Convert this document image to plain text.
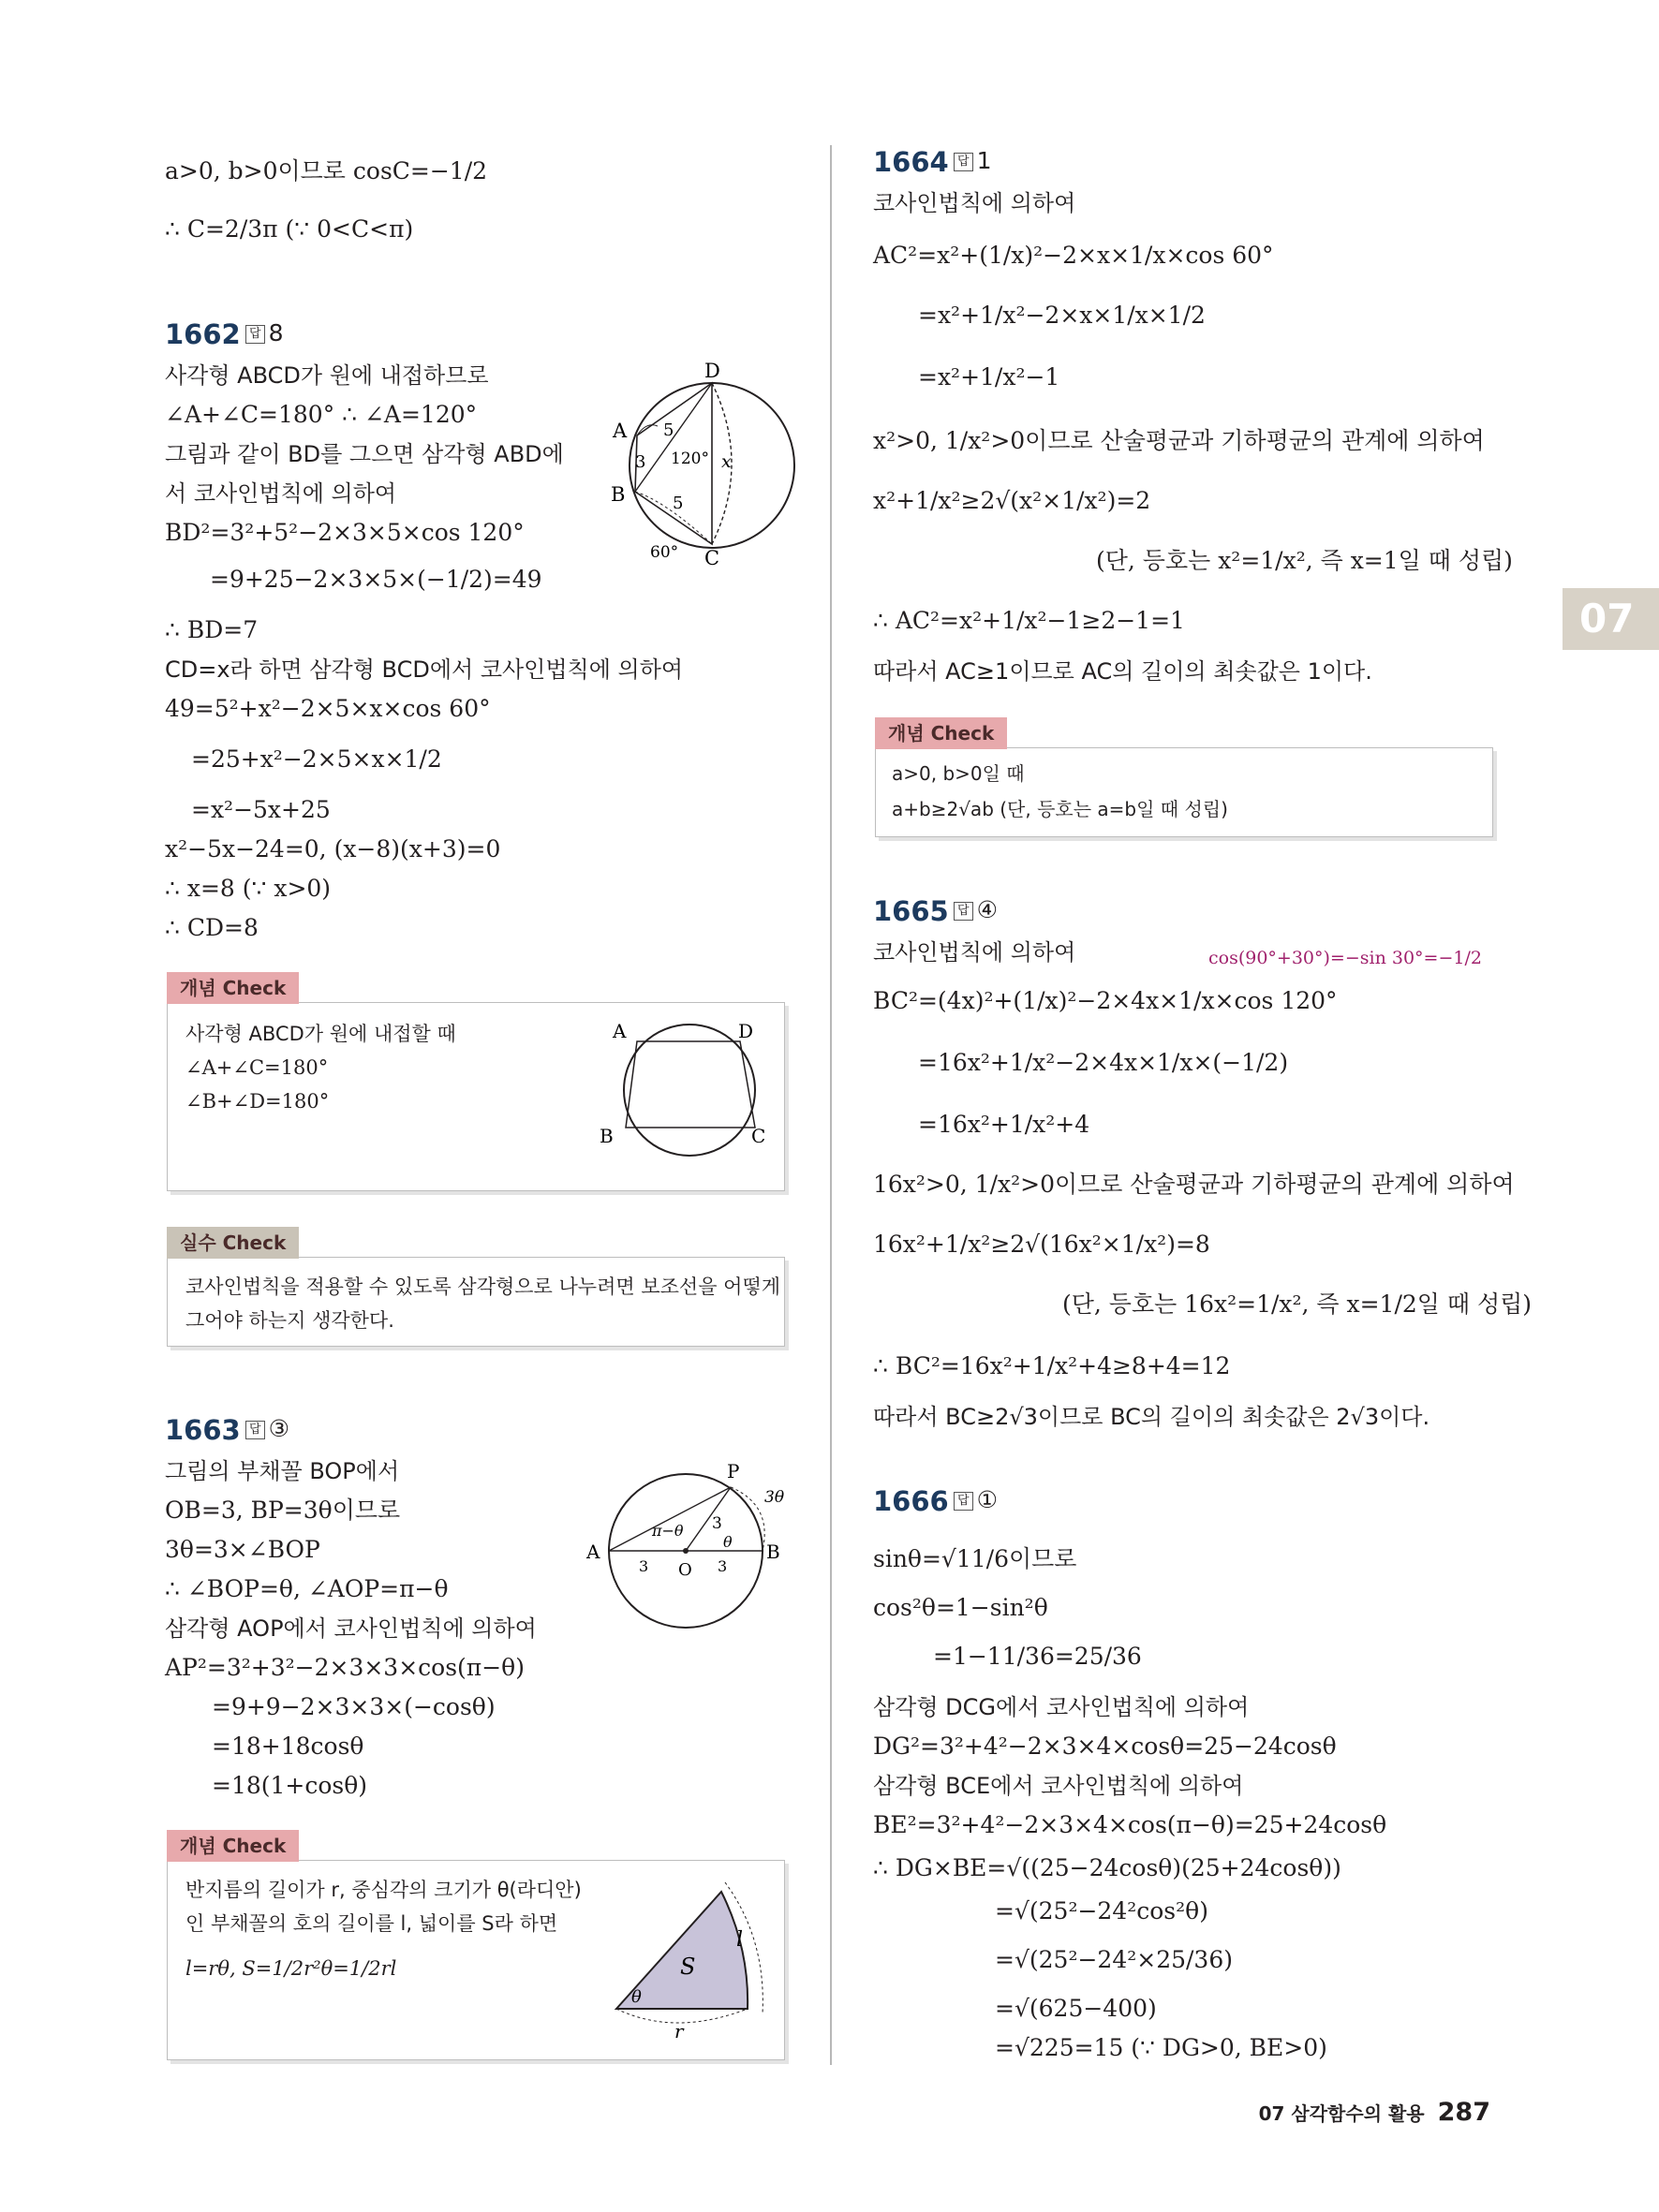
07
a>0, b>0이므로 cosC=−1/2
∴ C=2/3π (∵ 0<C<π)
1662 답 8
사각형 ABCD가 원에 내접하므로
∠A+∠C=180° ∴ ∠A=120°
그림과 같이 BD를 그으면 삼각형 ABD에
서 코사인법칙에 의하여
BD²=3²+5²−2×3×5×cos 120°
=9+25−2×3×5×(−1/2)=49
∴ BD=7
CD=x라 하면 삼각형 BCD에서 코사인법칙에 의하여
49=5²+x²−2×5×x×cos 60°
=25+x²−2×5×x×1/2
=x²−5x+25
x²−5x−24=0, (x−8)(x+3)=0
∴ x=8 (∵ x>0)
∴ CD=8
D
A
B
C
3
5
5
120°
60°
x
개념 Check
사각형 ABCD가 원에 내접할 때
∠A+∠C=180°
∠B+∠D=180°
A	D
B	C
실수 Check
코사인법칙을 적용할 수 있도록 삼각형으로 나누려면 보조선을 어떻게
그어야 하는지 생각한다.
1663 답 ③
그림의 부채꼴 BOP에서
OB=3, BP=3θ이므로
3θ=3×∠BOP
∴ ∠BOP=θ, ∠AOP=π−θ
삼각형 AOP에서 코사인법칙에 의하여
AP²=3²+3²−2×3×3×cos(π−θ)
=9+9−2×3×3×(−cosθ)
=18+18cosθ
=18(1+cosθ)
P
A	B
O
3
3	3
3θ
π−θ
θ
개념 Check
반지름의 길이가 r, 중심각의 크기가 θ(라디안)
인 부채꼴의 호의 길이를 l, 넓이를 S라 하면
l=rθ, S=1/2r²θ=1/2rl	S
l
r
θ
1664 답 1
코사인법칙에 의하여
AC²=x²+(1/x)²−2×x×1/x×cos 60°
=x²+1/x²−2×x×1/x×1/2
=x²+1/x²−1
x²>0, 1/x²>0이므로 산술평균과 기하평균의 관계에 의하여
x²+1/x²≥2√(x²×1/x²)=2
(단, 등호는 x²=1/x², 즉 x=1일 때 성립)
∴ AC²=x²+1/x²−1≥2−1=1
따라서 AC≥1이므로 AC의 길이의 최솟값은 1이다.
개념 Check
a>0, b>0일 때
a+b≥2√ab (단, 등호는 a=b일 때 성립)
1665 답 ④
코사인법칙에 의하여	cos(90°+30°)=−sin 30°=−1/2
BC²=(4x)²+(1/x)²−2×4x×1/x×cos 120°
=16x²+1/x²−2×4x×1/x×(−1/2)
=16x²+1/x²+4
16x²>0, 1/x²>0이므로 산술평균과 기하평균의 관계에 의하여
16x²+1/x²≥2√(16x²×1/x²)=8
(단, 등호는 16x²=1/x², 즉 x=1/2일 때 성립)
∴ BC²=16x²+1/x²+4≥8+4=12
따라서 BC≥2√3이므로 BC의 길이의 최솟값은 2√3이다.
1666 답 ①
sinθ=√11/6이므로
cos²θ=1−sin²θ
=1−11/36=25/36
삼각형 DCG에서 코사인법칙에 의하여
DG²=3²+4²−2×3×4×cosθ=25−24cosθ
삼각형 BCE에서 코사인법칙에 의하여
BE²=3²+4²−2×3×4×cos(π−θ)=25+24cosθ
∴ DG×BE=√((25−24cosθ)(25+24cosθ))
=√(25²−24²cos²θ)
=√(25²−24²×25/36)
=√(625−400)
=√225=15 (∵ DG>0, BE>0)
07 삼각함수의 활용 287
